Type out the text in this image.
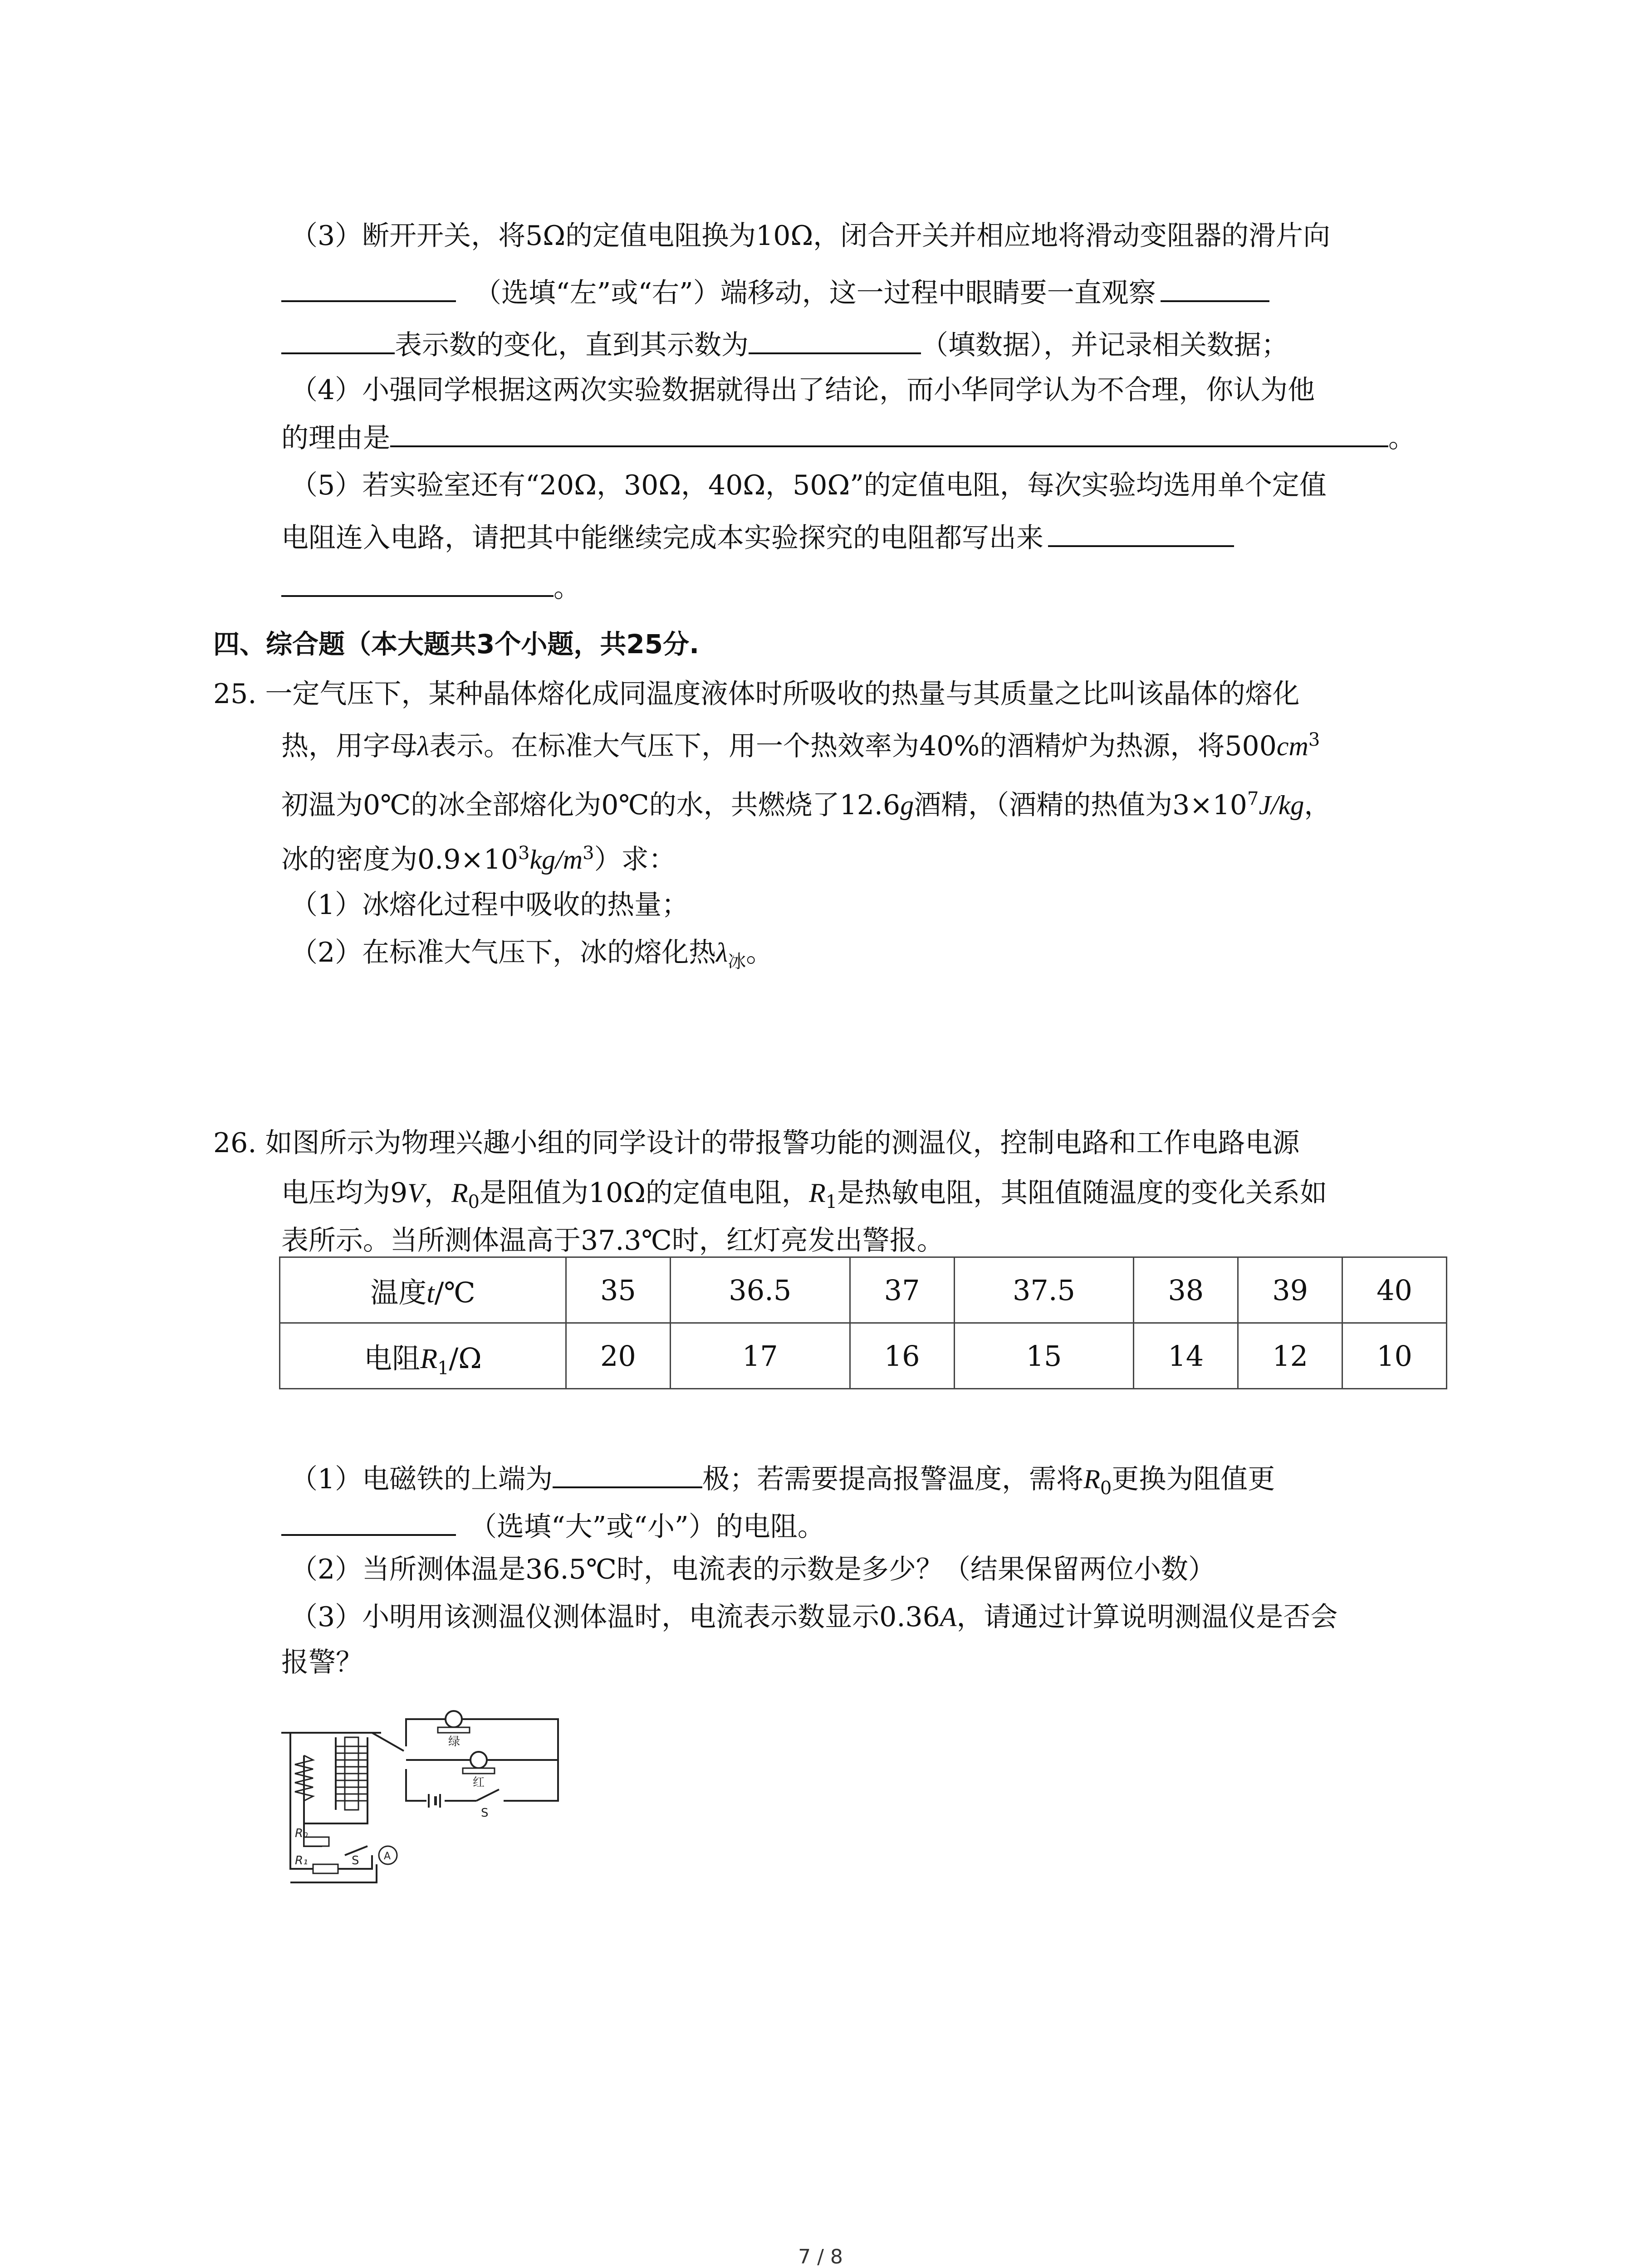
（3）断开开关，将5Ω的定值电阻换为10Ω，闭合开关并相应地将滑动变阻器的滑片向
（选填“左”或“右”）端移动，这一过程中眼睛要一直观察
表示数的变化，直到其示数为	（填数据），并记录相关数据；
（4）小强同学根据这两次实验数据就得出了结论，而小华同学认为不合理，你认为他
的理由是	。
（5）若实验室还有“20Ω，30Ω，40Ω，50Ω”的定值电阻，每次实验均选用单个定值
电阻连入电路，请把其中能继续完成本实验探究的电阻都写出来
。
四、综合题（本大题共3个小题，共25分.
25. 一定气压下，某种晶体熔化成同温度液体时所吸收的热量与其质量之比叫该晶体的熔化
热，用字母λ表示。在标准大气压下，用一个热效率为40%的酒精炉为热源，将$500cm^3$
初温为0℃的冰全部熔化为0℃的水，共燃烧了12.6g酒精，（酒精的热值为$3\times 10^7J/kg$，
冰的密度为$0.9\times 10^3kg/m^3$）求：
（1）冰熔化过程中吸收的热量；
（2）在标准大气压下，冰的熔化热$\lambda_冰$。
26. 如图所示为物理兴趣小组的同学设计的带报警功能的测温仪，控制电路和工作电路电源
电压均为9V，$R_0$是阻值为10Ω的定值电阻，$R_1$是热敏电阻，其阻值随温度的变化关系如
表所示。当所测体温高于37.3℃时，红灯亮发出警报。
温度t/℃	35	36.5	37	37.5	38	39	40
电阻$R_1/\Omega$	20	17	16	15	14	12	10
（1）电磁铁的上端为	极；若需要提高报警温度，需将$R_0$更换为阻值更
（选填“大”或“小”）的电阻。
（2）当所测体温是36.5℃时，电流表的示数是多少？（结果保留两位小数）
（3）小明用该测温仪测体温时，电流表示数显示0.36A，请通过计算说明测温仪是否会
报警？
绿
红
S
R₀
R₁	S A
7 / 8
